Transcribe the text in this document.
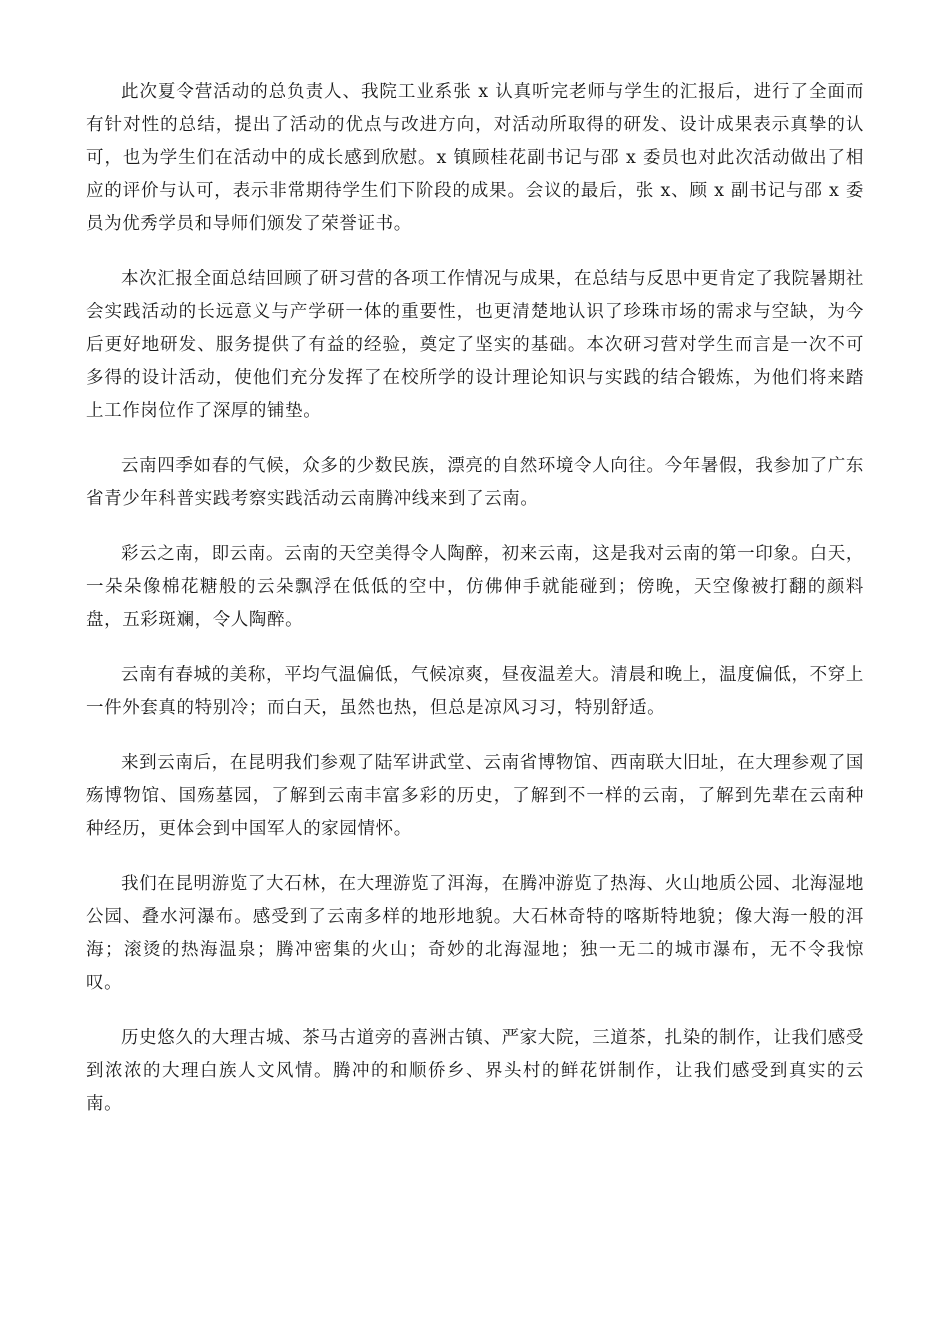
此次夏令营活动的总负责人、我院工业系张 x 认真听完老师与学生的汇报后，进行了全面而有针对性的总结，提出了活动的优点与改进方向，对活动所取得的研发、设计成果表示真挚的认可，也为学生们在活动中的成长感到欣慰。x 镇顾桂花副书记与邵 x 委员也对此次活动做出了相应的评价与认可，表示非常期待学生们下阶段的成果。会议的最后，张 x、顾 x 副书记与邵 x 委员为优秀学员和导师们颁发了荣誉证书。

本次汇报全面总结回顾了研习营的各项工作情况与成果，在总结与反思中更肯定了我院暑期社会实践活动的长远意义与产学研一体的重要性，也更清楚地认识了珍珠市场的需求与空缺，为今后更好地研发、服务提供了有益的经验，奠定了坚实的基础。本次研习营对学生而言是一次不可多得的设计活动，使他们充分发挥了在校所学的设计理论知识与实践的结合锻炼，为他们将来踏上工作岗位作了深厚的铺垫。

云南四季如春的气候，众多的少数民族，漂亮的自然环境令人向往。今年暑假，我参加了广东省青少年科普实践考察实践活动云南腾冲线来到了云南。

彩云之南，即云南。云南的天空美得令人陶醉，初来云南，这是我对云南的第一印象。白天，一朵朵像棉花糖般的云朵飘浮在低低的空中，仿佛伸手就能碰到；傍晚，天空像被打翻的颜料盘，五彩斑斓，令人陶醉。

云南有春城的美称，平均气温偏低，气候凉爽，昼夜温差大。清晨和晚上，温度偏低，不穿上一件外套真的特别冷；而白天，虽然也热，但总是凉风习习，特别舒适。

来到云南后，在昆明我们参观了陆军讲武堂、云南省博物馆、西南联大旧址，在大理参观了国殇博物馆、国殇墓园，了解到云南丰富多彩的历史，了解到不一样的云南，了解到先辈在云南种种经历，更体会到中国军人的家园情怀。

我们在昆明游览了大石林，在大理游览了洱海，在腾冲游览了热海、火山地质公园、北海湿地公园、叠水河瀑布。感受到了云南多样的地形地貌。大石林奇特的喀斯特地貌；像大海一般的洱海；滚烫的热海温泉；腾冲密集的火山；奇妙的北海湿地；独一无二的城市瀑布，无不令我惊叹。

历史悠久的大理古城、茶马古道旁的喜洲古镇、严家大院，三道茶，扎染的制作，让我们感受到浓浓的大理白族人文风情。腾冲的和顺侨乡、界头村的鲜花饼制作，让我们感受到真实的云南。
